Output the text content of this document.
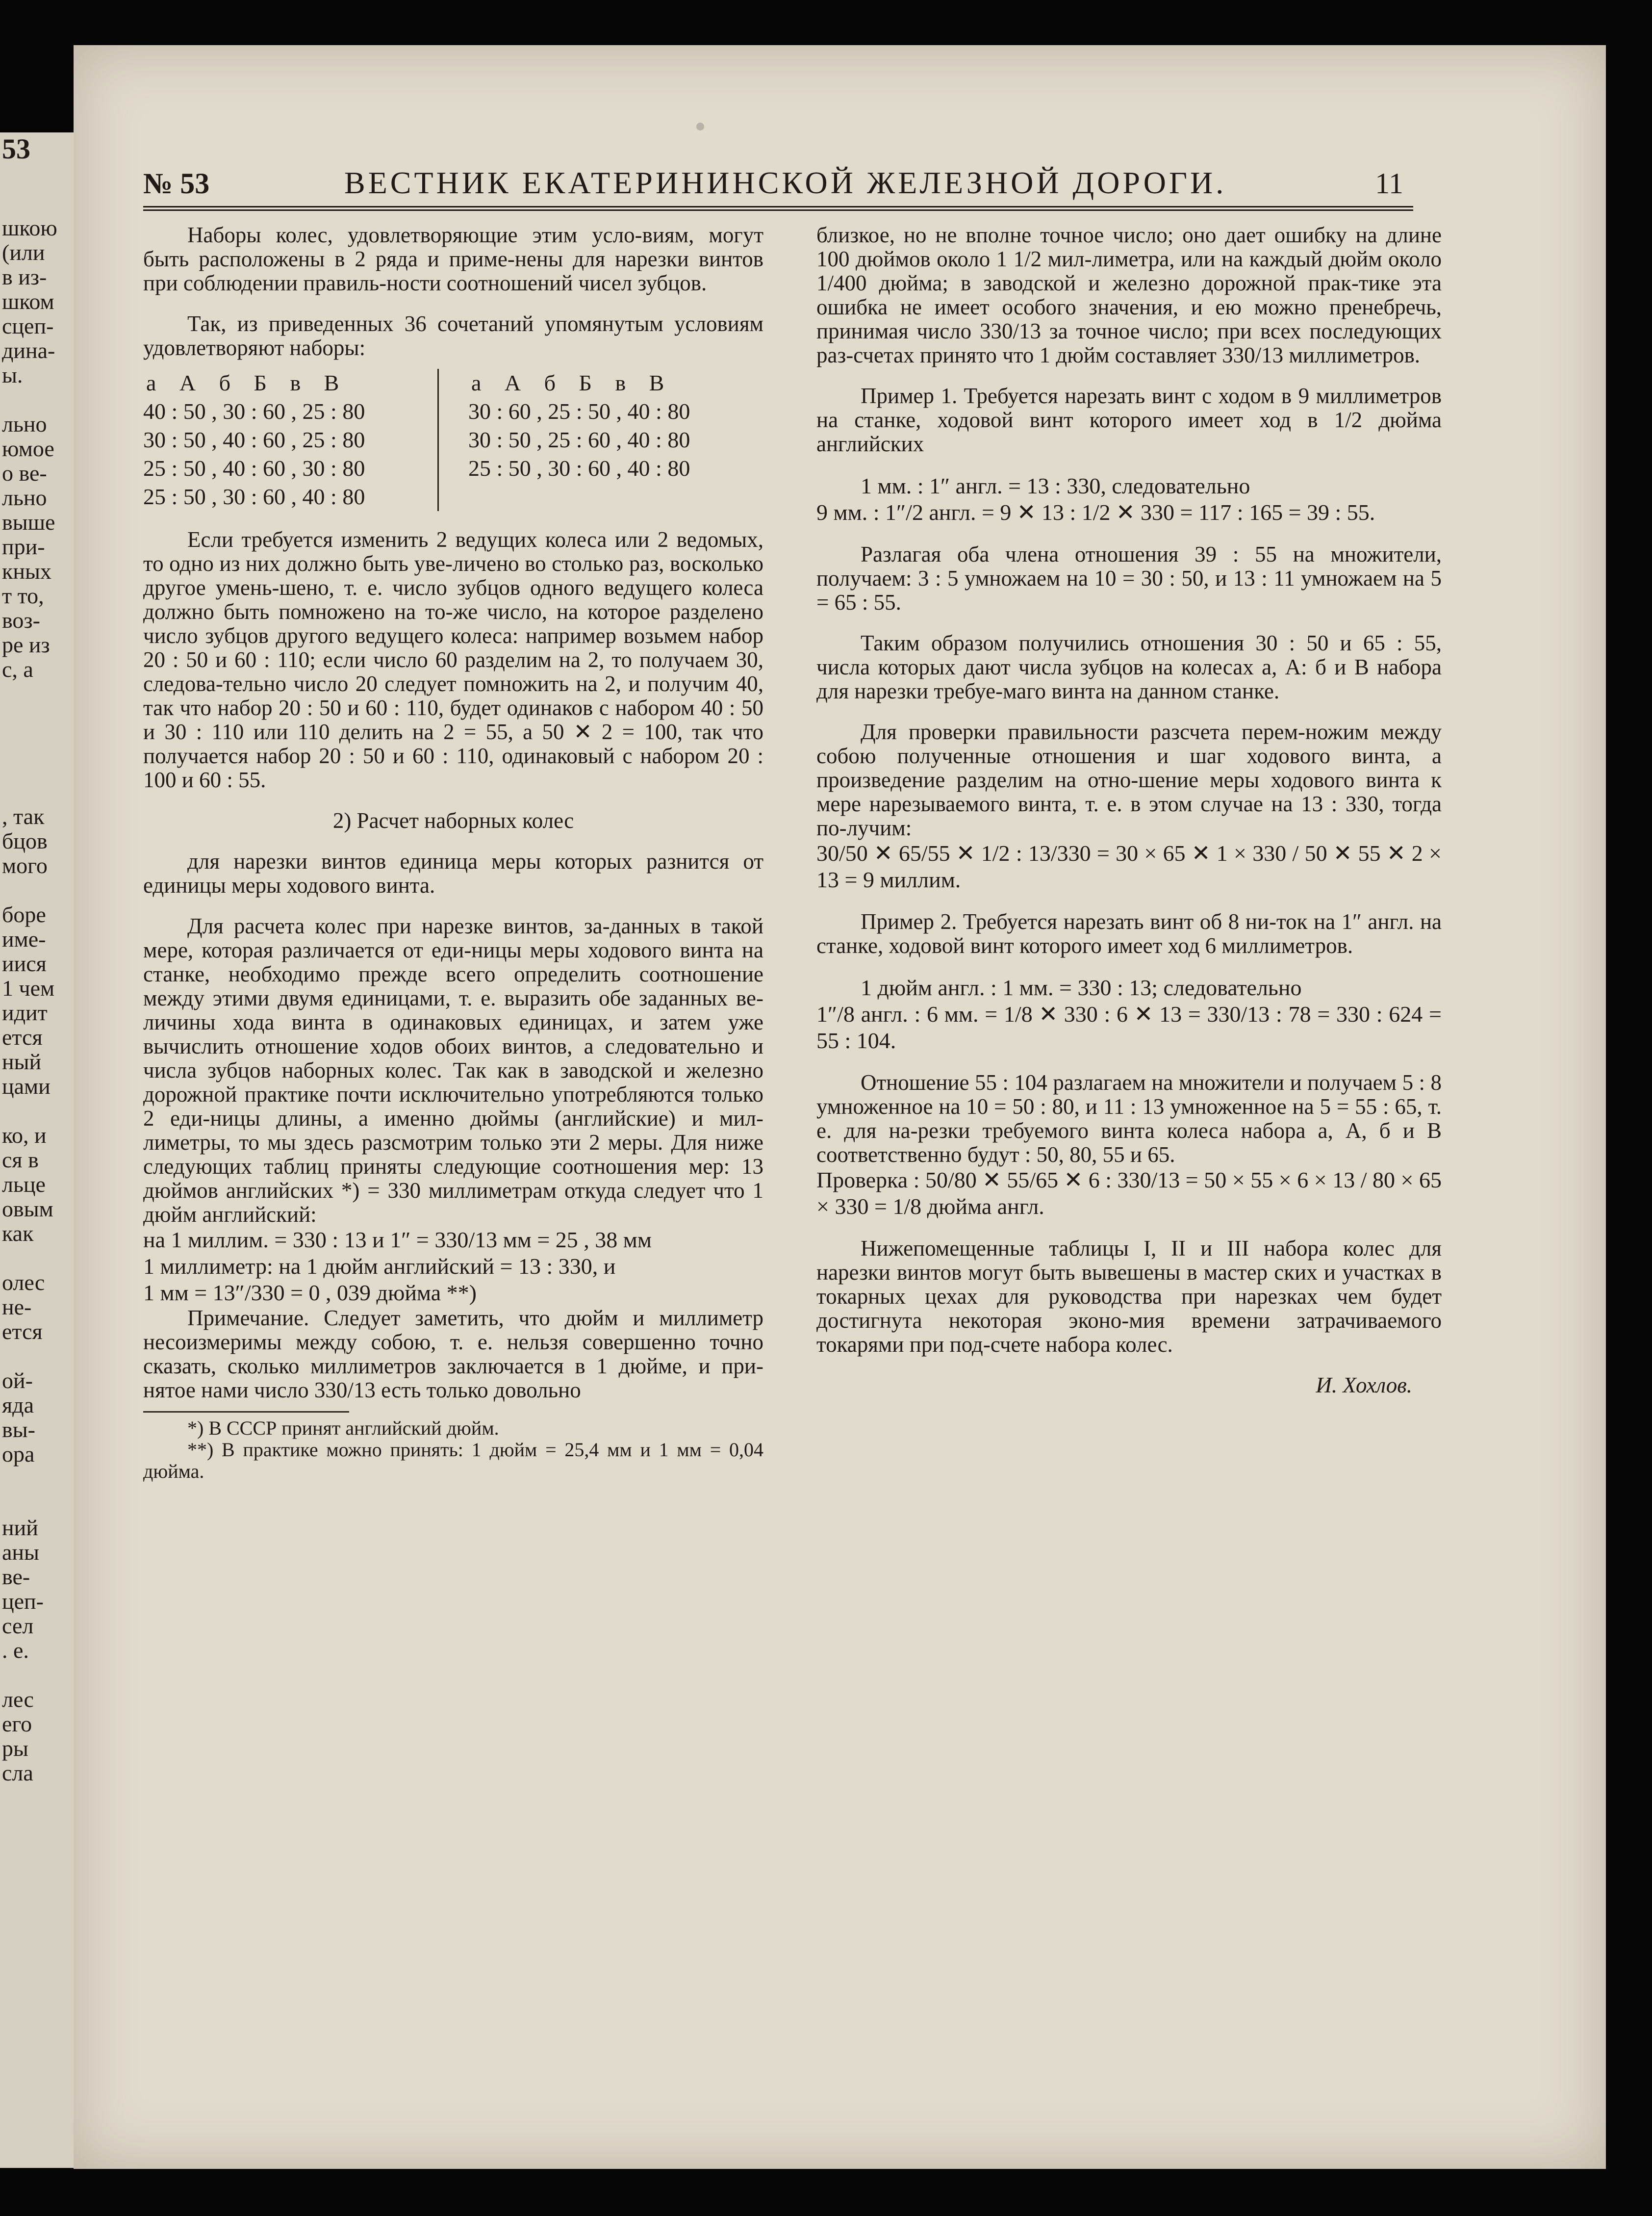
53
шкою
(или
в из-
шком
сцеп-
дина-
ы.
льно
юмое
о ве-
льно
выше
при-
кных
т то,
воз-
ре из
с, а
, так
бцов
мого
боре
име-
иися
1 чем
идит
ется
ный
цами
ко, и
ся в
льце
овым
как
олес
не-
ется
ой-
яда
вы-
ора
ний
аны
ве-
цеп-
сел
. е.
лес
его
ры
сла
№ 53	ВЕСТНИК ЕКАТЕРИНИНСКОЙ ЖЕЛЕЗНОЙ ДОРОГИ.	11

Наборы колес, удовлетворяющие этим усло-виям, могут быть расположены в 2 ряда и приме-нены для нарезки винтов при соблюдении правиль-ности соотношений чисел зубцов.

Так, из приведенных 36 сочетаний упомянутым условиям удовлетворяют наборы:

а А б Б в В
40 : 50 , 30 : 60 , 25 : 80
30 : 50 , 40 : 60 , 25 : 80
25 : 50 , 40 : 60 , 30 : 80
25 : 50 , 30 : 60 , 40 : 80
а А б Б в В
30 : 60 , 25 : 50 , 40 : 80
30 : 50 , 25 : 60 , 40 : 80
25 : 50 , 30 : 60 , 40 : 80

Если требуется изменить 2 ведущих колеса или 2 ведомых, то одно из них должно быть уве-личено во столько раз, восколько другое умень-шено, т. е. число зубцов одного ведущего колеса должно быть помножено на то-же число, на которое разделено число зубцов другого ведущего колеса: например возьмем набор 20 : 50 и 60 : 110; если число 60 разделим на 2, то получаем 30, следова-тельно число 20 следует помножить на 2, и получим 40, так что набор 20 : 50 и 60 : 110, будет одинаков с набором 40 : 50 и 30 : 110 или 110 делить на 2 = 55, а 50 ✕ 2 = 100, так что получается набор 20 : 50 и 60 : 110, одинаковый с набором 20 : 100 и 60 : 55.

2) Расчет наборных колес

для нарезки винтов единица меры которых разнится от единицы меры ходового винта.

Для расчета колес при нарезке винтов, за-данных в такой мере, которая различается от еди-ницы меры ходового винта на станке, необходимо прежде всего определить соотношение между этими двумя единицами, т. е. выразить обе заданных ве-личины хода винта в одинаковых единицах, и затем уже вычислить отношение ходов обоих винтов, а следовательно и числа зубцов наборных колес. Так как в заводской и железно дорожной практике почти исключительно употребляются только 2 еди-ницы длины, а именно дюймы (английские) и мил-лиметры, то мы здесь разсмотрим только эти 2 меры. Для ниже следующих таблиц приняты следующие соотношения мер: 13 дюймов английских *) = 330 миллиметрам откуда следует что 1 дюйм английский:

на 1 миллим. = 330 : 13 и 1″ = 330/13 мм = 25 , 38 мм

1 миллиметр: на 1 дюйм английский = 13 : 330, и

1 мм = 13″/330 = 0 , 039 дюйма **)

Примечание. Следует заметить, что дюйм и миллиметр несоизмеримы между собою, т. е. нельзя совершенно точно сказать, сколько миллиметров заключается в 1 дюйме, и при-нятое нами число 330/13 есть только довольно

*) В СССР принят английский дюйм.

**) В практике можно принять: 1 дюйм = 25,4 мм и 1 мм = 0,04 дюйма.

близкое, но не вполне точное число; оно дает ошибку на длине 100 дюймов около 1 1/2 мил-лиметра, или на каждый дюйм около 1/400 дюйма; в заводской и железно дорожной прак-тике эта ошибка не имеет особого значения, и ею можно пренебречь, принимая число 330/13 за точное число; при всех последующих раз-счетах принято что 1 дюйм составляет 330/13 миллиметров.

Пример 1. Требуется нарезать винт с ходом в 9 миллиметров на станке, ходовой винт которого имеет ход в 1/2 дюйма английских

1 мм. : 1″ англ. = 13 : 330, следовательно

9 мм. : 1″/2 англ. = 9 ✕ 13 : 1/2 ✕ 330 = 117 : 165 = 39 : 55.

Разлагая оба члена отношения 39 : 55 на множители, получаем: 3 : 5 умножаем на 10 = 30 : 50, и 13 : 11 умножаем на 5 = 65 : 55.

Таким образом получились отношения 30 : 50 и 65 : 55, числа которых дают числа зубцов на колесах а, А: б и В набора для нарезки требуе-маго винта на данном станке.

Для проверки правильности разсчета перем-ножим между собою полученные отношения и шаг ходового винта, а произведение разделим на отно-шение меры ходового винта к мере нарезываемого винта, т. е. в этом случае на 13 : 330, тогда по-лучим:

30/50 ✕ 65/55 ✕ 1/2 : 13/330 = 30 × 65 ✕ 1 × 330 / 50 ✕ 55 ✕ 2 × 13 = 9 миллим.

Пример 2. Требуется нарезать винт об 8 ни-ток на 1″ англ. на станке, ходовой винт которого имеет ход 6 миллиметров.

1 дюйм англ. : 1 мм. = 330 : 13; следовательно

1″/8 англ. : 6 мм. = 1/8 ✕ 330 : 6 ✕ 13 = 330/13 : 78 = 330 : 624 = 55 : 104.

Отношение 55 : 104 разлагаем на множители и получаем 5 : 8 умноженное на 10 = 50 : 80, и 11 : 13 умноженное на 5 = 55 : 65, т. е. для на-резки требуемого винта колеса набора а, А, б и В соответственно будут : 50, 80, 55 и 65.

Проверка : 50/80 ✕ 55/65 ✕ 6 : 330/13 = 50 × 55 × 6 × 13 / 80 × 65 × 330 = 1/8 дюйма англ.

Нижепомещенные таблицы I, II и III набора колес для нарезки винтов могут быть вывешены в мастер ских и участках в токарных цехах для руководства при нарезках чем будет достигнута некоторая эконо-мия времени затрачиваемого токарями при под-счете набора колес.

И. Хохлов.
